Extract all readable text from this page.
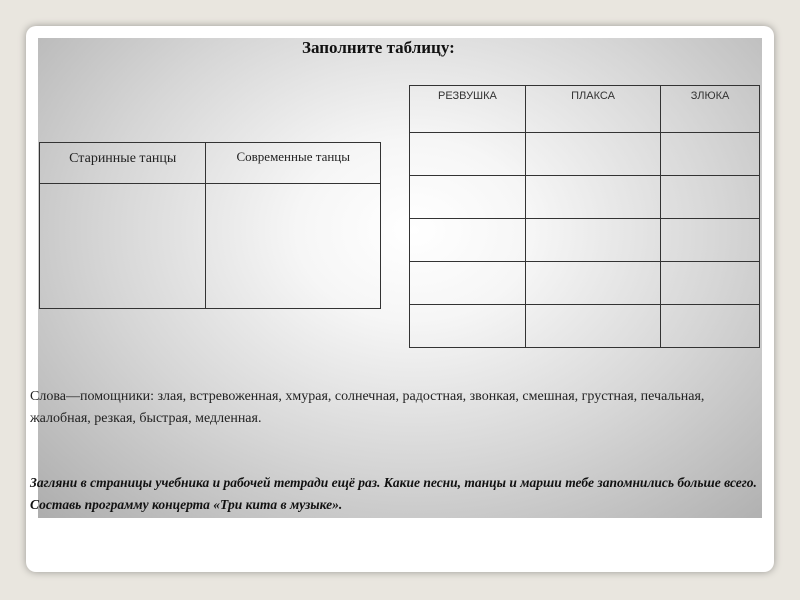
Заполните таблицу:
Старинные танцы	Современные танцы

РЕЗВУШКА	ПЛАКСА	ЗЛЮКА

Слова—помощники: злая, встревоженная, хмурая, солнечная, радостная, звонкая, смешная, грустная, печальная, жалобная, резкая, быстрая, медленная.

Загляни в страницы учебника и рабочей тетради ещё раз. Какие песни, танцы и марши тебе запомнились больше всего. Составь программу концерта «Три кита в музыке».
